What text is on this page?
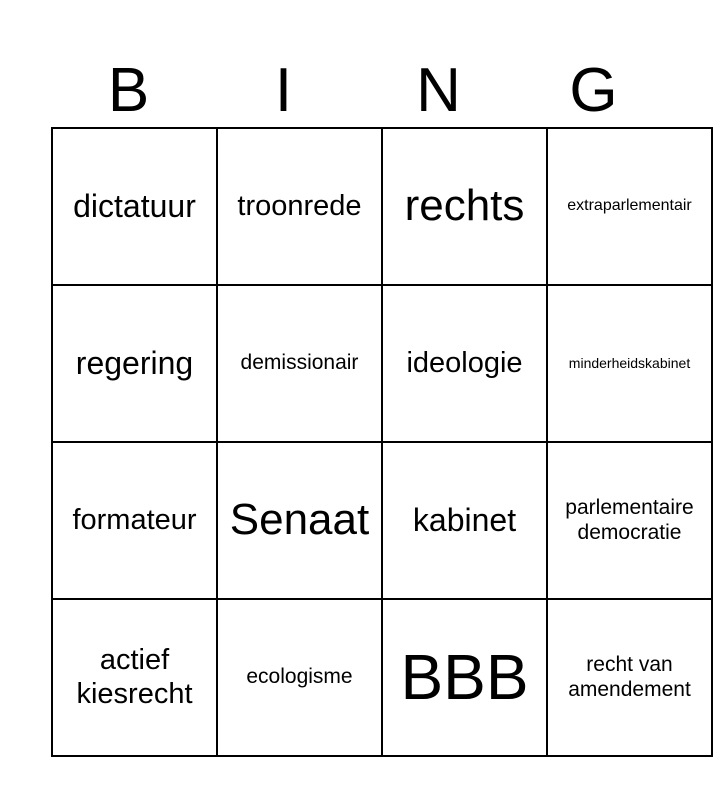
B	I	N	G
dictatuur	troonrede	rechts	extraparlementair
regering	demissionair	ideologie	minderheidskabinet
formateur	Senaat	kabinet	parlementaire democratie
actief kiesrecht	ecologisme	BBB	recht van amendement
